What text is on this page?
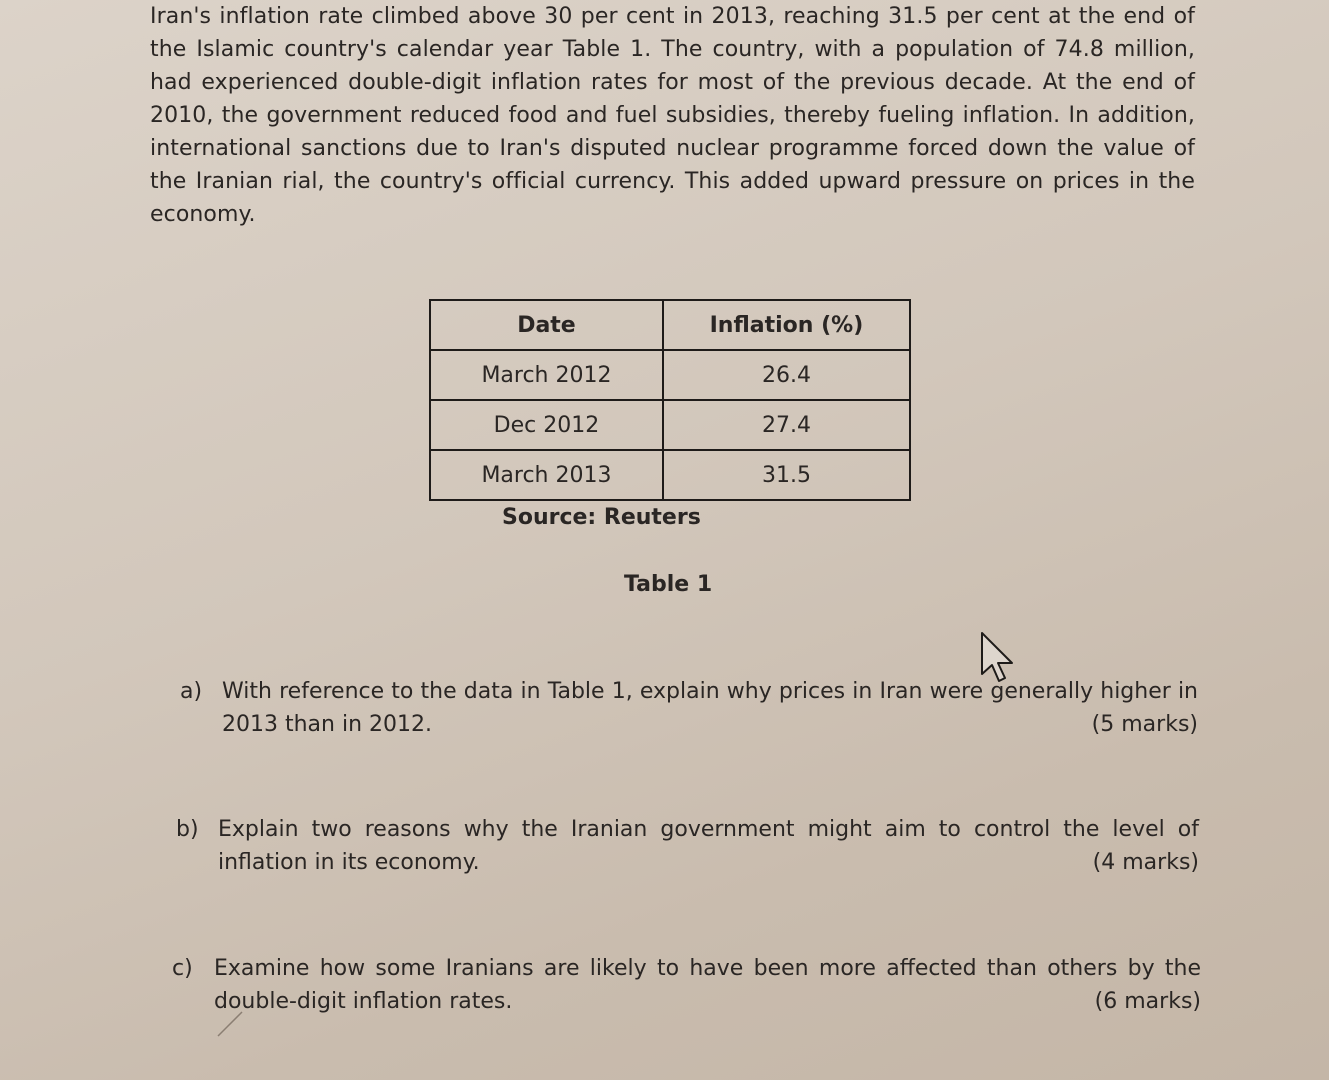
Iran's inflation rate climbed above 30 per cent in 2013, reaching 31.5 per cent at the end of the Islamic country's calendar year Table 1. The country, with a population of 74.8 million, had experienced double-digit inflation rates for most of the previous decade. At the end of 2010, the government reduced food and fuel subsidies, thereby fueling inflation. In addition, international sanctions due to Iran's disputed nuclear programme forced down the value of the Iranian rial, the country's official currency. This added upward pressure on prices in the economy.

Date	Inflation (%)
March 2012	26.4
Dec 2012	27.4
March 2013	31.5
Source: Reuters
Table 1
a) With reference to the data in Table 1, explain why prices in Iran were generally higher in 2013 than in 2012.	(5 marks)
b) Explain two reasons why the Iranian government might aim to control the level of inflation in its economy.	(4 marks)
c) Examine how some Iranians are likely to have been more affected than others by the double-digit inflation rates.	(6 marks)
